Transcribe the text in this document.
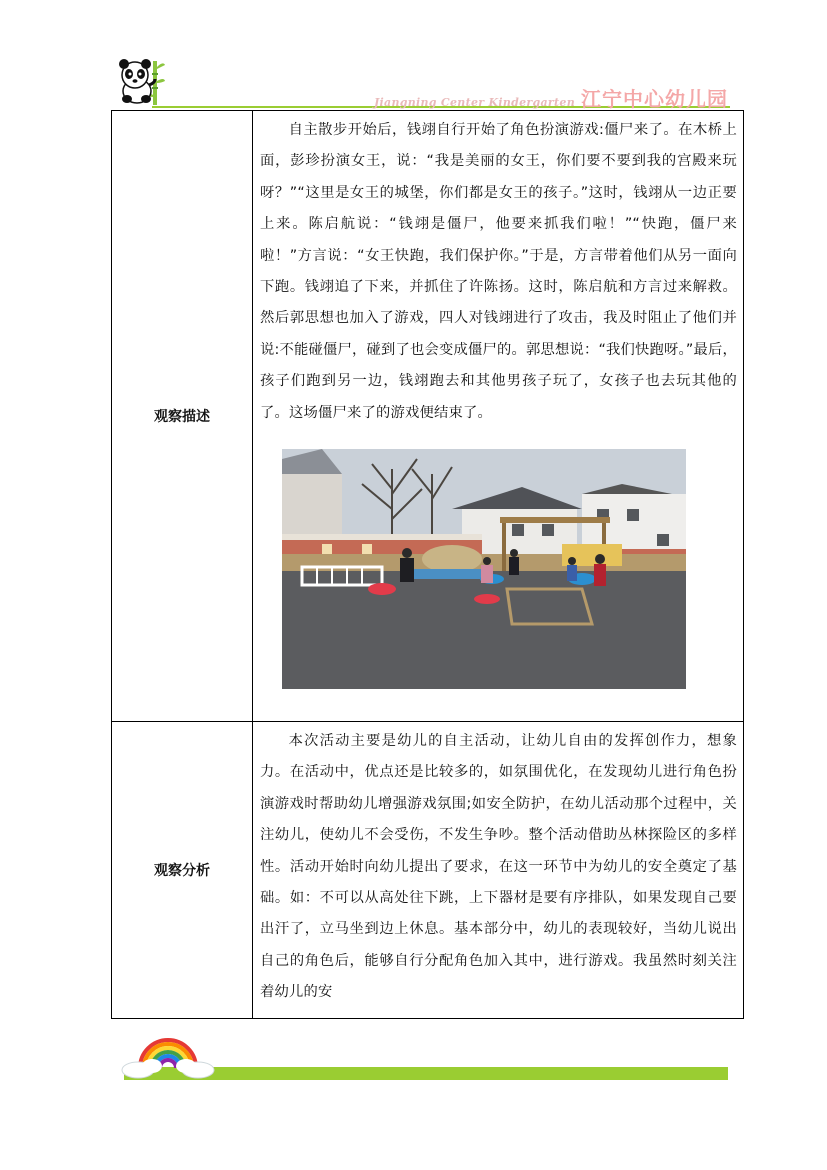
Jiangning Center Kindergarten 江宁中心幼儿园
观察描述	自主散步开始后，钱翊自行开始了角色扮演游戏:僵尸来了。在木桥上面，彭珍扮演女王，说：“我是美丽的女王，你们要不要到我的宫殿来玩呀？”“这里是女王的城堡，你们都是女王的孩子。”这时，钱翊从一边正要上来。陈启航说：“钱翊是僵尸，他要来抓我们啦！”“快跑，僵尸来啦！”方言说：“女王快跑，我们保护你。”于是，方言带着他们从另一面向下跑。钱翊追了下来，并抓住了许陈扬。这时，陈启航和方言过来解救。然后郭思想也加入了游戏，四人对钱翊进行了攻击，我及时阻止了他们并说:不能碰僵尸，碰到了也会变成僵尸的。郭思想说：“我们快跑呀。”最后，孩子们跑到另一边，钱翊跑去和其他男孩子玩了，女孩子也去玩其他的了。这场僵尸来了的游戏便结束了。

观察分析	本次活动主要是幼儿的自主活动，让幼儿自由的发挥创作力，想象力。在活动中，优点还是比较多的，如氛围优化，在发现幼儿进行角色扮演游戏时帮助幼儿增强游戏氛围;如安全防护，在幼儿活动那个过程中，关注幼儿，使幼儿不会受伤，不发生争吵。整个活动借助丛林探险区的多样性。活动开始时向幼儿提出了要求，在这一环节中为幼儿的安全奠定了基础。如：不可以从高处往下跳，上下器材是要有序排队，如果发现自己要出汗了，立马坐到边上休息。基本部分中，幼儿的表现较好，当幼儿说出自己的角色后，能够自行分配角色加入其中，进行游戏。我虽然时刻关注着幼儿的安
